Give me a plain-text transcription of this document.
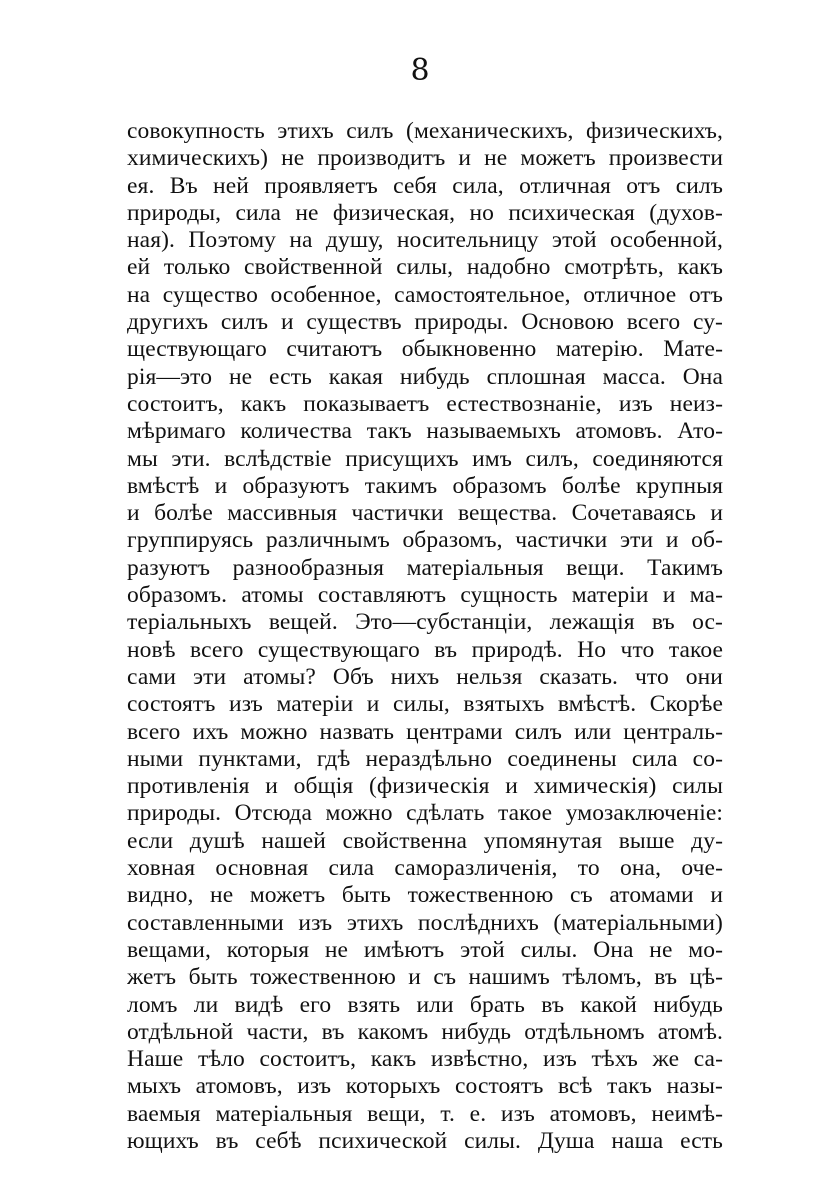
8
совокупность этихъ силъ (механическихъ, физическихъ,
химическихъ) не производитъ и не можетъ произвести
ея. Въ ней проявляетъ себя сила, отличная отъ силъ
природы, сила не физическая, но психическая (духов-
ная). Поэтому на душу, носительницу этой особенной,
ей только свойственной силы, надобно смотрѣть, какъ
на существо особенное, самостоятельное, отличное отъ
другихъ силъ и существъ природы. Основою всего су-
ществующаго считаютъ обыкновенно матерію. Мате-
рія—это не есть какая нибудь сплошная масса. Она
состоитъ, какъ показываетъ естествознаніе, изъ неиз-
мѣримаго количества такъ называемыхъ атомовъ. Ато-
мы эти. вслѣдствіе присущихъ имъ силъ, соединяются
вмѣстѣ и образуютъ такимъ образомъ болѣе крупныя
и болѣе массивныя частички вещества. Сочетаваясь и
группируясь различнымъ образомъ, частички эти и об-
разуютъ разнообразныя матеріальныя вещи. Такимъ
образомъ. атомы составляютъ сущность матеріи и ма-
теріальныхъ вещей. Это—субстанціи, лежащія въ ос-
новѣ всего существующаго въ природѣ. Но что такое
сами эти атомы? Объ нихъ нельзя сказать. что они
состоятъ изъ матеріи и силы, взятыхъ вмѣстѣ. Скорѣе
всего ихъ можно назвать центрами силъ или централь-
ными пунктами, гдѣ нераздѣльно соединены сила со-
противленія и общія (физическія и химическія) силы
природы. Отсюда можно сдѣлать такое умозаключеніе:
если душѣ нашей свойственна упомянутая выше ду-
ховная основная сила саморазличенія, то она, оче-
видно, не можетъ быть тожественною съ атомами и
составленными изъ этихъ послѣднихъ (матеріальными)
вещами, которыя не имѣютъ этой силы. Она не мо-
жетъ быть тожественною и съ нашимъ тѣломъ, въ цѣ-
ломъ ли видѣ его взять или брать въ какой нибудь
отдѣльной части, въ какомъ нибудь отдѣльномъ атомѣ.
Наше тѣло состоитъ, какъ извѣстно, изъ тѣхъ же са-
мыхъ атомовъ, изъ которыхъ состоятъ всѣ такъ назы-
ваемыя матеріальныя вещи, т. е. изъ атомовъ, неимѣ-
ющихъ въ себѣ психической силы. Душа наша есть
